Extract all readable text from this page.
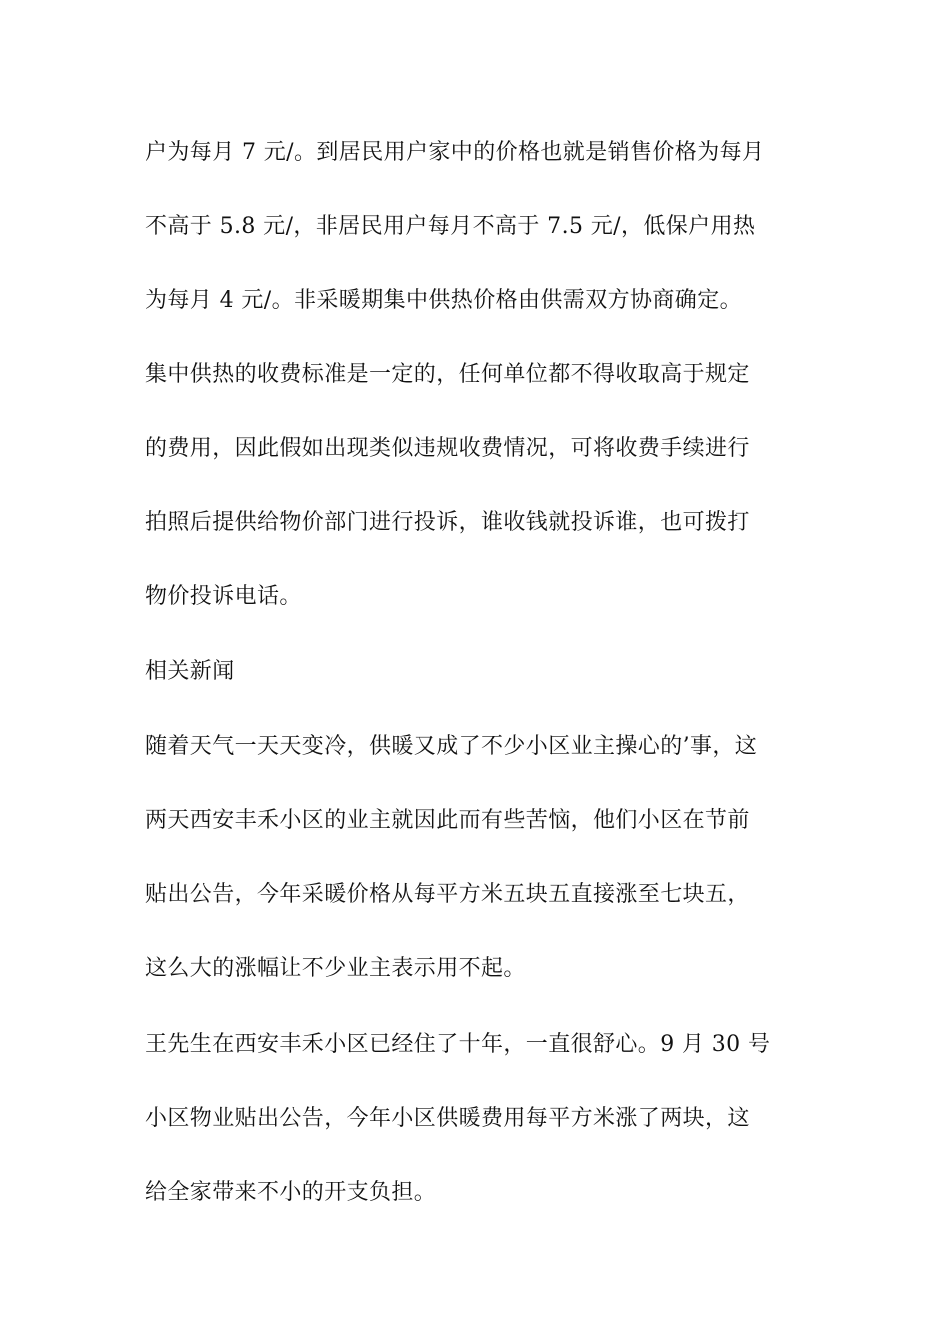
户为每月 7 元/。到居民用户家中的价格也就是销售价格为每月
不高于 5.8 元/，非居民用户每月不高于 7.5 元/，低保户用热
为每月 4 元/。非采暖期集中供热价格由供需双方协商确定。
集中供热的收费标准是一定的，任何单位都不得收取高于规定
的费用，因此假如出现类似违规收费情况，可将收费手续进行
拍照后提供给物价部门进行投诉，谁收钱就投诉谁，也可拨打
物价投诉电话。
相关新闻
随着天气一天天变冷，供暖又成了不少小区业主操心的’事，这
两天西安丰禾小区的业主就因此而有些苦恼，他们小区在节前
贴出公告，今年采暖价格从每平方米五块五直接涨至七块五，
这么大的涨幅让不少业主表示用不起。
王先生在西安丰禾小区已经住了十年，一直很舒心。9 月 30 号
小区物业贴出公告，今年小区供暖费用每平方米涨了两块，这
给全家带来不小的开支负担。
